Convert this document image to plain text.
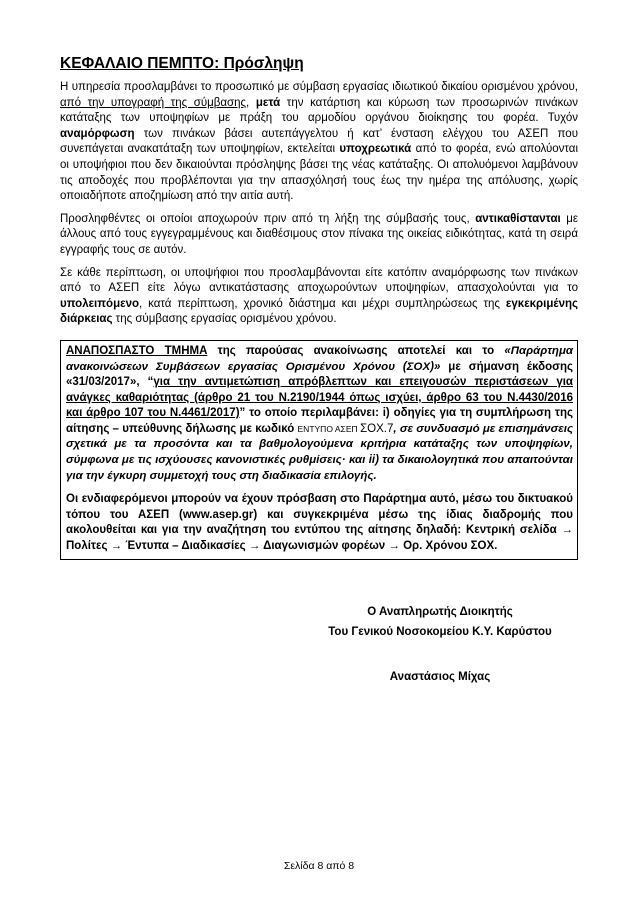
ΚΕΦΑΛΑΙΟ ΠΕΜΠΤΟ: Πρόσληψη

Η υπηρεσία προσλαμβάνει το προσωπικό με σύμβαση εργασίας ιδιωτικού δικαίου ορισμένου χρόνου, από την υπογραφή της σύμβασης, μετά την κατάρτιση και κύρωση των προσωρινών πινάκων κατάταξης των υποψηφίων με πράξη του αρμοδίου οργάνου διοίκησης του φορέα. Τυχόν αναμόρφωση των πινάκων βάσει αυτεπάγγελτου ή κατ’ ένσταση ελέγχου του ΑΣΕΠ που συνεπάγεται ανακατάταξη των υποψηφίων, εκτελείται υποχρεωτικά από το φορέα, ενώ απολύονται οι υποψήφιοι που δεν δικαιούνται πρόσληψης βάσει της νέας κατάταξης. Οι απολυόμενοι λαμβάνουν τις αποδοχές που προβλέπονται για την απασχόλησή τους έως την ημέρα της απόλυσης, χωρίς οποιαδήποτε αποζημίωση από την αιτία αυτή.

Προσληφθέντες οι οποίοι αποχωρούν πριν από τη λήξη της σύμβασής τους, αντικαθίστανται με άλλους από τους εγγεγραμμένους και διαθέσιμους στον πίνακα της οικείας ειδικότητας, κατά τη σειρά εγγραφής τους σε αυτόν.

Σε κάθε περίπτωση, οι υποψήφιοι που προσλαμβάνονται είτε κατόπιν αναμόρφωσης των πινάκων από το ΑΣΕΠ είτε λόγω αντικατάστασης αποχωρούντων υποψηφίων, απασχολούνται για το υπολειπόμενο, κατά περίπτωση, χρονικό διάστημα και μέχρι συμπληρώσεως της εγκεκριμένης διάρκειας της σύμβασης εργασίας ορισμένου χρόνου.

ΑΝΑΠΟΣΠΑΣΤΟ ΤΜΗΜΑ της παρούσας ανακοίνωσης αποτελεί και το «Παράρτημα ανακοινώσεων Συμβάσεων εργασίας Ορισμένου Χρόνου (ΣΟΧ)» με σήμανση έκδοσης «31/03/2017», “για την αντιμετώπιση απρόβλεπτων και επειγουσών περιστάσεων για ανάγκες καθαριότητας (άρθρο 21 του Ν.2190/1944 όπως ισχύει, άρθρο 63 του Ν.4430/2016 και άρθρο 107 του Ν.4461/2017)” το οποίο περιλαμβάνει: i) οδηγίες για τη συμπλήρωση της αίτησης – υπεύθυνης δήλωσης με κωδικό ΕΝΤΥΠΟ ΑΣΕΠ ΣΟΧ.7, σε συνδυασμό με επισημάνσεις σχετικά με τα προσόντα και τα βαθμολογούμενα κριτήρια κατάταξης των υποψηφίων, σύμφωνα με τις ισχύουσες κανονιστικές ρυθμίσεις· και ii) τα δικαιολογητικά που απαιτούνται για την έγκυρη συμμετοχή τους στη διαδικασία επιλογής.

Οι ενδιαφερόμενοι μπορούν να έχουν πρόσβαση στο Παράρτημα αυτό, μέσω του δικτυακού τόπου του ΑΣΕΠ (www.asep.gr) και συγκεκριμένα μέσω της ίδιας διαδρομής που ακολουθείται και για την αναζήτηση του εντύπου της αίτησης δηλαδή: Κεντρική σελίδα → Πολίτες → Έντυπα – Διαδικασίες → Διαγωνισμών φορέων → Ορ. Χρόνου ΣΟΧ.

Ο Αναπληρωτής Διοικητής
Του Γενικού Νοσοκομείου Κ.Υ. Καρύστου
Αναστάσιος Μίχας
Σελίδα 8 από 8
